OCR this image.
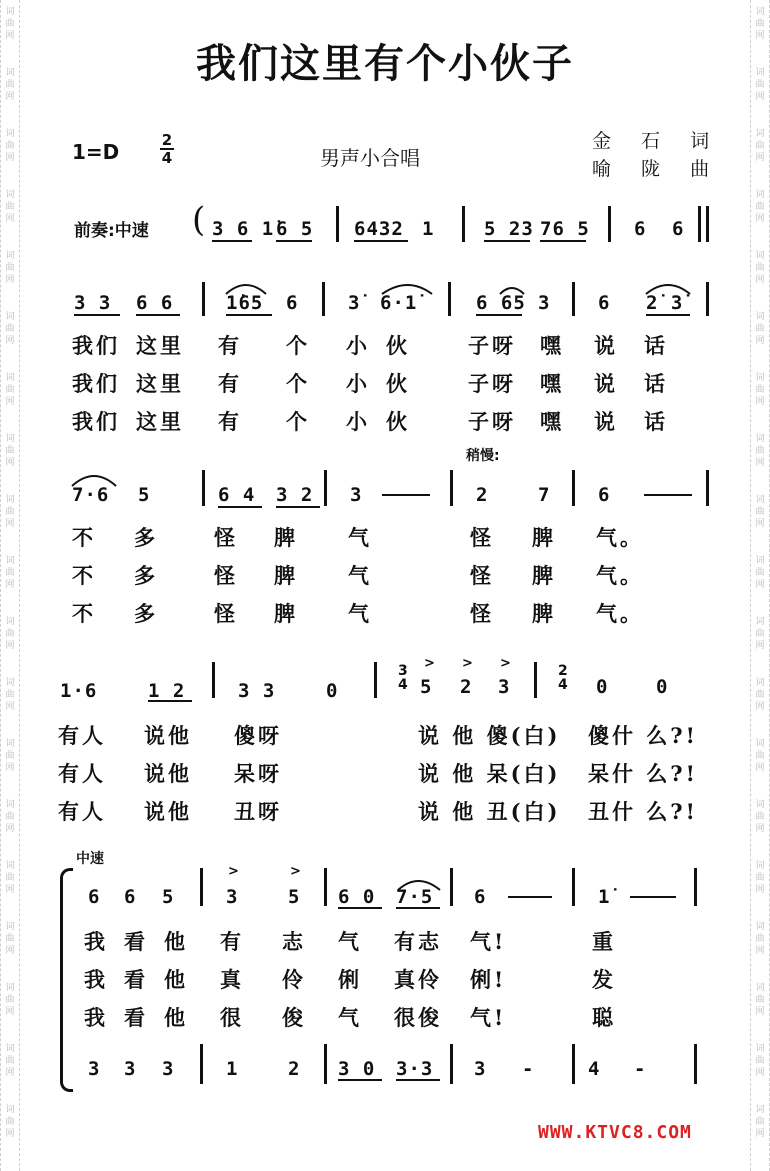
词
曲
网
词
曲
网
词
曲
网
词
曲
网
词
曲
网
词
曲
网
词
曲
网
词
曲
网
词
曲
网
词
曲
网
词
曲
网
词
曲
网
词
曲
网
词
曲
网
词
曲
网
词
曲
网
词
曲
网
词
曲
网
词
曲
网
词
曲
网
词
曲
网
词
曲
网
词
曲
网
词
曲
网
词
曲
网
词
曲
网
词
曲
网
词
曲
网
词
曲
网
词
曲
网
词
曲
网
词
曲
网
词
曲
网
词
曲
网
词
曲
网
词
曲
网
词
曲
网
词
曲
网
我们这里有个小伙子
1=D	2
4	男声小合唱
金 石 词
喻 陇 曲
前奏:中速 ( 3 6 1̇ 6 5 6432 1	5 23 76 5 6 6
3 3 6 6	1̇65 6	3̇ 6·1̇	6 65 3	6 2̇ 3̇
我们 这里 有 个 小 伙	子呀 嘿 说 话
我们 这里 有 个 小 伙	子呀 嘿 说 话
我们 这里 有 个 小 伙	子呀 嘿 说 话
稍慢:
7·6 5	6 4 3 2 3	2	7	6
不 多	怪 脾 气	怪 脾 气。
不 多	怪 脾 气	怪 脾 气。
不 多	怪 脾 气	怪 脾 气。
1·6	1 2	3 3	0
3
4 5
>
2
>
3
>	2
4 0	0
有人 说他 傻呀	说 他 傻(白) 傻什 么?!
有人 说他 呆呀	说 他 呆(白) 呆什 么?!
有人 说他 丑呀	说 他 丑(白) 丑什 么?!
中速
6 6 5
>
3
>
5 6 0 7·5 6	1̇
我 看 他 有 志 气 有志 气!	重
我 看 他 真 伶 俐 真伶 俐!	发
我 看 他 很 俊 气 很俊 气!	聪
3 3 3	1	2 3 0 3·3 3 -	4 -
WWW.KTVC8.COM
